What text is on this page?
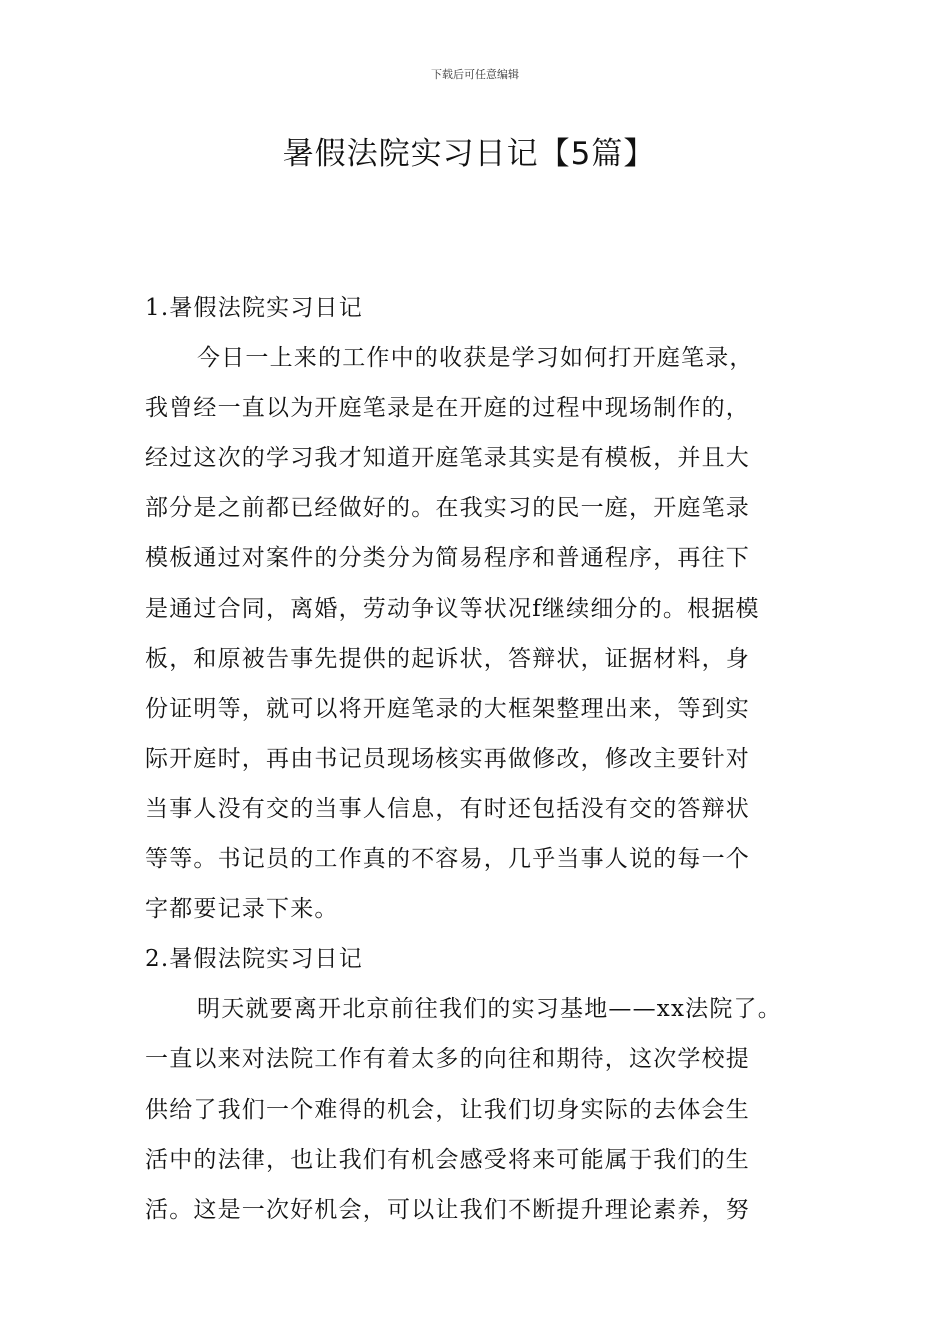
下载后可任意编辑
暑假法院实习日记【5篇】
1.暑假法院实习日记

今日一上来的工作中的收获是学习如何打开庭笔录，
我曾经一直以为开庭笔录是在开庭的过程中现场制作的，
经过这次的学习我才知道开庭笔录其实是有模板，并且大
部分是之前都已经做好的。在我实习的民一庭，开庭笔录
模板通过对案件的分类分为简易程序和普通程序，再往下
是通过合同，离婚，劳动争议等状况f继续细分的。根据模
板，和原被告事先提供的起诉状，答辩状，证据材料，身
份证明等，就可以将开庭笔录的大框架整理出来，等到实
际开庭时，再由书记员现场核实再做修改，修改主要针对
当事人没有交的当事人信息，有时还包括没有交的答辩状
等等。书记员的工作真的不容易，几乎当事人说的每一个
字都要记录下来。

2.暑假法院实习日记

明天就要离开北京前往我们的实习基地——xx法院了。
一直以来对法院工作有着太多的向往和期待，这次学校提
供给了我们一个难得的机会，让我们切身实际的去体会生
活中的法律，也让我们有机会感受将来可能属于我们的生
活。这是一次好机会，可以让我们不断提升理论素养，努
